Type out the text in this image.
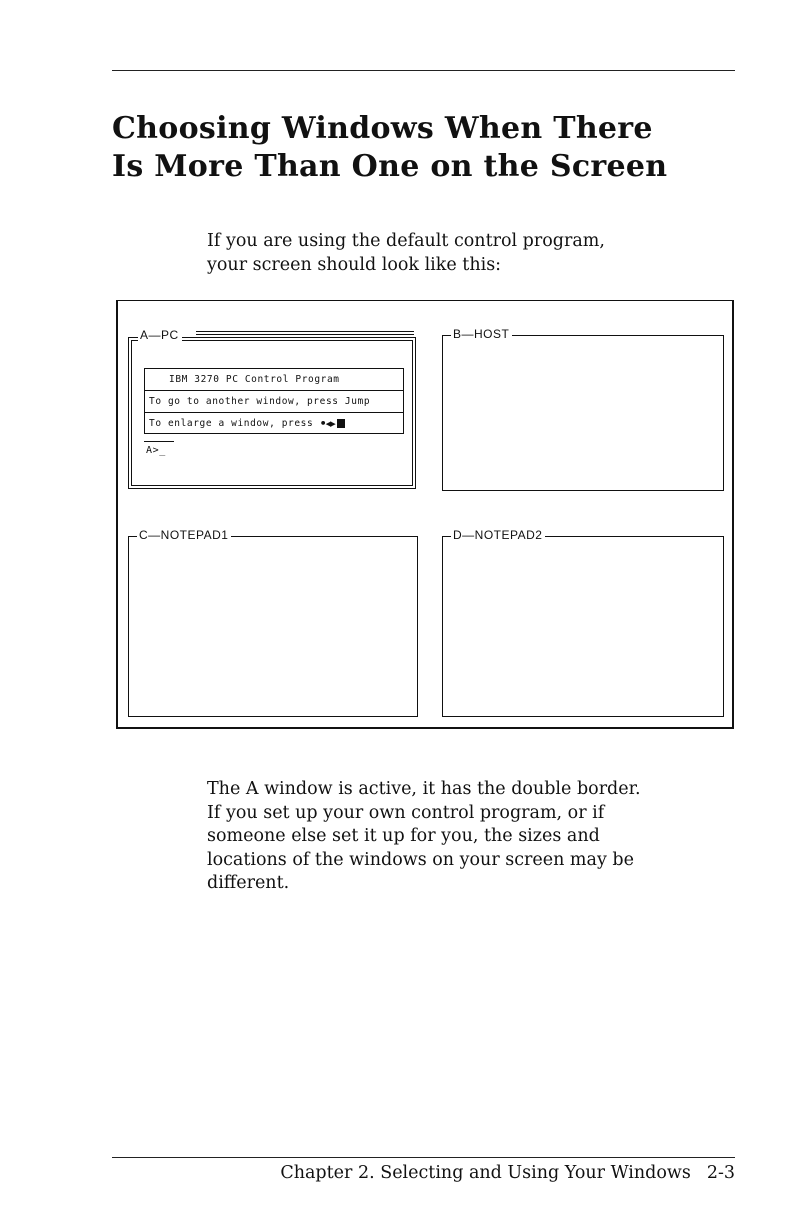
Choosing Windows When There
Is More Than One on the Screen

If you are using the default control program,
your screen should look like this:

A—PC
IBM 3270 PC Control Program
To go to another window, press Jump
To enlarge a window, press •◂▸
A>_
B—HOST
C—NOTEPAD1	D—NOTEPAD2

The A window is active, it has the double border.
If you set up your own control program, or if
someone else set it up for you, the sizes and
locations of the windows on your screen may be
different.

Chapter 2. Selecting and Using Your Windows 2-3
